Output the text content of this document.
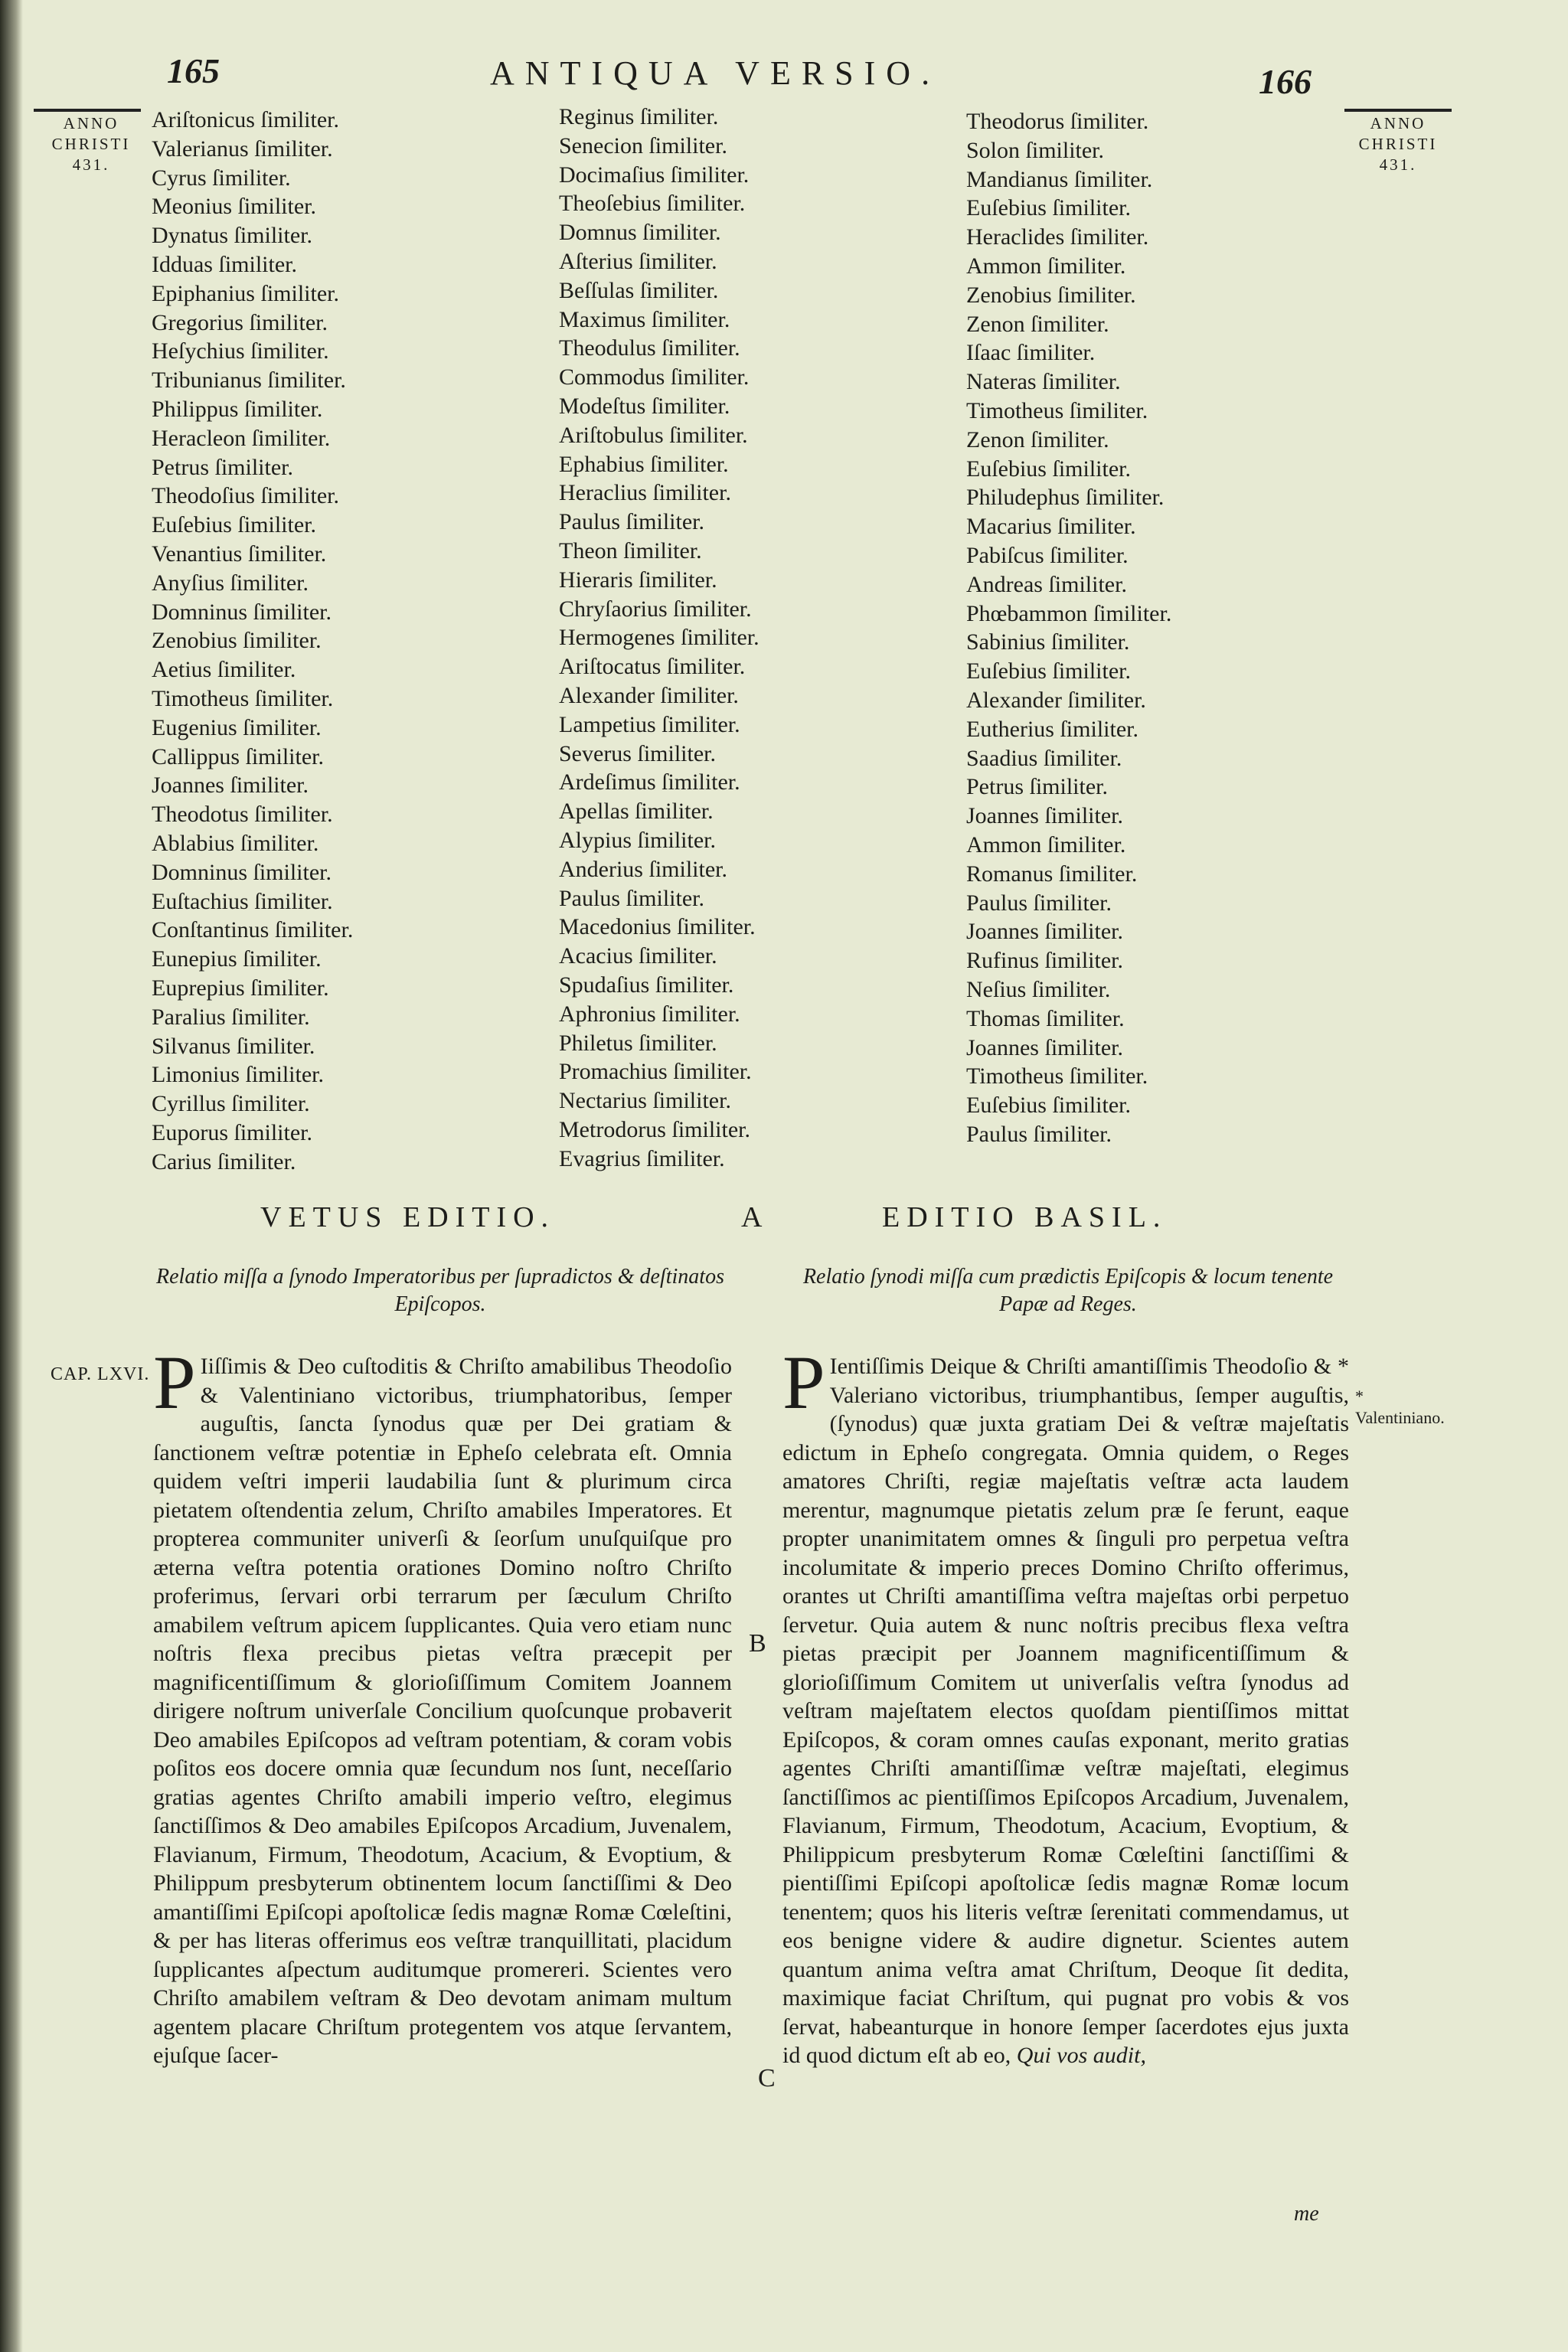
165	ANTIQUA VERSIO.	166
ANNO
CHRISTI
431.
ANNO
CHRISTI
431.
Ariſtonicus ſimiliter.
Valerianus ſimiliter.
Cyrus ſimiliter.
Meonius ſimiliter.
Dynatus ſimiliter.
Idduas ſimiliter.
Epiphanius ſimiliter.
Gregorius ſimiliter.
Heſychius ſimiliter.
Tribunianus ſimiliter.
Philippus ſimiliter.
Heracleon ſimiliter.
Petrus ſimiliter.
Theodoſius ſimiliter.
Euſebius ſimiliter.
Venantius ſimiliter.
Anyſius ſimiliter.
Domninus ſimiliter.
Zenobius ſimiliter.
Aetius ſimiliter.
Timotheus ſimiliter.
Eugenius ſimiliter.
Callippus ſimiliter.
Joannes ſimiliter.
Theodotus ſimiliter.
Ablabius ſimiliter.
Domninus ſimiliter.
Euſtachius ſimiliter.
Conſtantinus ſimiliter.
Eunepius ſimiliter.
Euprepius ſimiliter.
Paralius ſimiliter.
Silvanus ſimiliter.
Limonius ſimiliter.
Cyrillus ſimiliter.
Euporus ſimiliter.
Carius ſimiliter.
Reginus ſimiliter.
Senecion ſimiliter.
Docimaſius ſimiliter.
Theoſebius ſimiliter.
Domnus ſimiliter.
Aſterius ſimiliter.
Beſſulas ſimiliter.
Maximus ſimiliter.
Theodulus ſimiliter.
Commodus ſimiliter.
Modeſtus ſimiliter.
Ariſtobulus ſimiliter.
Ephabius ſimiliter.
Heraclius ſimiliter.
Paulus ſimiliter.
Theon ſimiliter.
Hieraris ſimiliter.
Chryſaorius ſimiliter.
Hermogenes ſimiliter.
Ariſtocatus ſimiliter.
Alexander ſimiliter.
Lampetius ſimiliter.
Severus ſimiliter.
Ardeſimus ſimiliter.
Apellas ſimiliter.
Alypius ſimiliter.
Anderius ſimiliter.
Paulus ſimiliter.
Macedonius ſimiliter.
Acacius ſimiliter.
Spudaſius ſimiliter.
Aphronius ſimiliter.
Philetus ſimiliter.
Promachius ſimiliter.
Nectarius ſimiliter.
Metrodorus ſimiliter.
Evagrius ſimiliter.
Theodorus ſimiliter.
Solon ſimiliter.
Mandianus ſimiliter.
Euſebius ſimiliter.
Heraclides ſimiliter.
Ammon ſimiliter.
Zenobius ſimiliter.
Zenon ſimiliter.
Iſaac ſimiliter.
Nateras ſimiliter.
Timotheus ſimiliter.
Zenon ſimiliter.
Euſebius ſimiliter.
Philudephus ſimiliter.
Macarius ſimiliter.
Pabiſcus ſimiliter.
Andreas ſimiliter.
Phœbammon ſimiliter.
Sabinius ſimiliter.
Euſebius ſimiliter.
Alexander ſimiliter.
Eutherius ſimiliter.
Saadius ſimiliter.
Petrus ſimiliter.
Joannes ſimiliter.
Ammon ſimiliter.
Romanus ſimiliter.
Paulus ſimiliter.
Joannes ſimiliter.
Rufinus ſimiliter.
Neſius ſimiliter.
Thomas ſimiliter.
Joannes ſimiliter.
Timotheus ſimiliter.
Euſebius ſimiliter.
Paulus ſimiliter.
VETUS EDITIO.	A	EDITIO BASIL.
Relatio miſſa a ſynodo Imperatoribus per ſupradictos & deſtinatos Epiſcopos.
Relatio ſynodi miſſa cum prædictis Epiſcopis & locum tenente Papæ ad Reges.
CAP. LXVI.
B
C
* Valentiniano.
P Iiſſimis & Deo cuſtoditis & Chriſto amabilibus Theodoſio & Valentiniano victoribus, triumphatoribus, ſemper auguſtis, ſancta ſynodus quæ per Dei gratiam & ſanctionem veſtræ potentiæ in Epheſo celebrata eſt. Omnia quidem veſtri imperii laudabilia ſunt & plurimum circa pietatem oſtendentia zelum, Chriſto amabiles Imperatores. Et propterea communiter univerſi & ſeorſum unuſquiſque pro æterna veſtra potentia orationes Domino noſtro Chriſto proferimus, ſervari orbi terrarum per ſæculum Chriſto amabilem veſtrum apicem ſupplicantes. Quia vero etiam nunc noſtris flexa precibus pietas veſtra præcepit per magnificentiſſimum & glorioſiſſimum Comitem Joannem dirigere noſtrum univerſale Concilium quoſcunque probaverit Deo amabiles Epiſcopos ad veſtram potentiam, & coram vobis poſitos eos docere omnia quæ ſecundum nos ſunt, neceſſario gratias agentes Chriſto amabili imperio veſtro, elegimus ſanctiſſimos & Deo amabiles Epiſcopos Arcadium, Juvenalem, Flavianum, Firmum, Theodotum, Acacium, & Evoptium, & Philippum presbyterum obtinentem locum ſanctiſſimi & Deo amantiſſimi Epiſcopi apoſtolicæ ſedis magnæ Romæ Cœleſtini, & per has literas offerimus eos veſtræ tranquillitati, placidum ſupplicantes aſpectum auditumque promereri. Scientes vero Chriſto amabilem veſtram & Deo devotam animam multum agentem placare Chriſtum protegentem vos atque ſervantem, ejuſque ſacer-
P Ientiſſimis Deique & Chriſti amantiſſimis Theodoſio & * Valeriano victoribus, triumphantibus, ſemper auguſtis, (ſynodus) quæ juxta gratiam Dei & veſtræ majeſtatis edictum in Epheſo congregata. Omnia quidem, o Reges amatores Chriſti, regiæ majeſtatis veſtræ acta laudem merentur, magnumque pietatis zelum præ ſe ferunt, eaque propter unanimitatem omnes & ſinguli pro perpetua veſtra incolumitate & imperio preces Domino Chriſto offerimus, orantes ut Chriſti amantiſſima veſtra majeſtas orbi perpetuo ſervetur. Quia autem & nunc noſtris precibus flexa veſtra pietas præcipit per Joannem magnificentiſſimum & glorioſiſſimum Comitem ut univerſalis veſtra ſynodus ad veſtram majeſtatem electos quoſdam pientiſſimos mittat Epiſcopos, & coram omnes cauſas exponant, merito gratias agentes Chriſti amantiſſimæ veſtræ majeſtati, elegimus ſanctiſſimos ac pientiſſimos Epiſcopos Arcadium, Juvenalem, Flavianum, Firmum, Theodotum, Acacium, Evoptium, & Philippicum presbyterum Romæ Cœleſtini ſanctiſſimi & pientiſſimi Epiſcopi apoſtolicæ ſedis magnæ Romæ locum tenentem; quos his literis veſtræ ſerenitati commendamus, ut eos benigne videre & audire dignetur. Scientes autem quantum anima veſtra amat Chriſtum, Deoque ſit dedita, maximique faciat Chriſtum, qui pugnat pro vobis & vos ſervat, habeanturque in honore ſemper ſacerdotes ejus juxta id quod dictum eſt ab eo, Qui vos audit,
me
